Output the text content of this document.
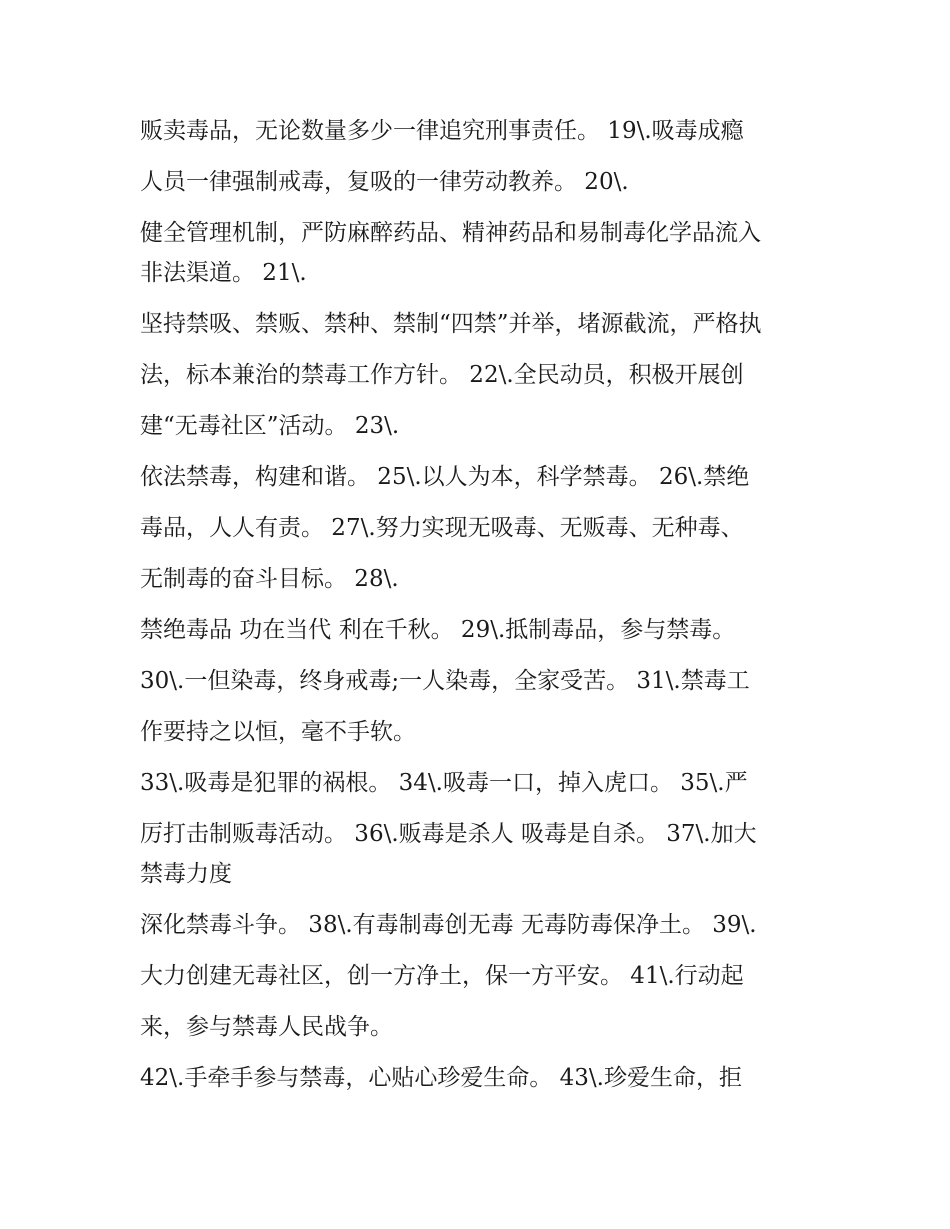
贩卖毒品，无论数量多少一律追究刑事责任。 19\.吸毒成瘾
人员一律强制戒毒，复吸的一律劳动教养。 20\.
健全管理机制，严防麻醉药品、精神药品和易制毒化学品流入
非法渠道。 21\.
坚持禁吸、禁贩、禁种、禁制“四禁”并举，堵源截流，严格执
法，标本兼治的禁毒工作方针。 22\.全民动员，积极开展创
建“无毒社区”活动。 23\.
依法禁毒，构建和谐。 25\.以人为本，科学禁毒。 26\.禁绝
毒品，人人有责。 27\.努力实现无吸毒、无贩毒、无种毒、
无制毒的奋斗目标。 28\.
禁绝毒品 功在当代 利在千秋。 29\.抵制毒品，参与禁毒。
30\.一但染毒，终身戒毒;一人染毒，全家受苦。 31\.禁毒工
作要持之以恒，毫不手软。
33\.吸毒是犯罪的祸根。 34\.吸毒一口，掉入虎口。 35\.严
厉打击制贩毒活动。 36\.贩毒是杀人 吸毒是自杀。 37\.加大
禁毒力度
深化禁毒斗争。 38\.有毒制毒创无毒 无毒防毒保净土。 39\.
大力创建无毒社区，创一方净土，保一方平安。 41\.行动起
来，参与禁毒人民战争。
42\.手牵手参与禁毒，心贴心珍爱生命。 43\.珍爱生命，拒
